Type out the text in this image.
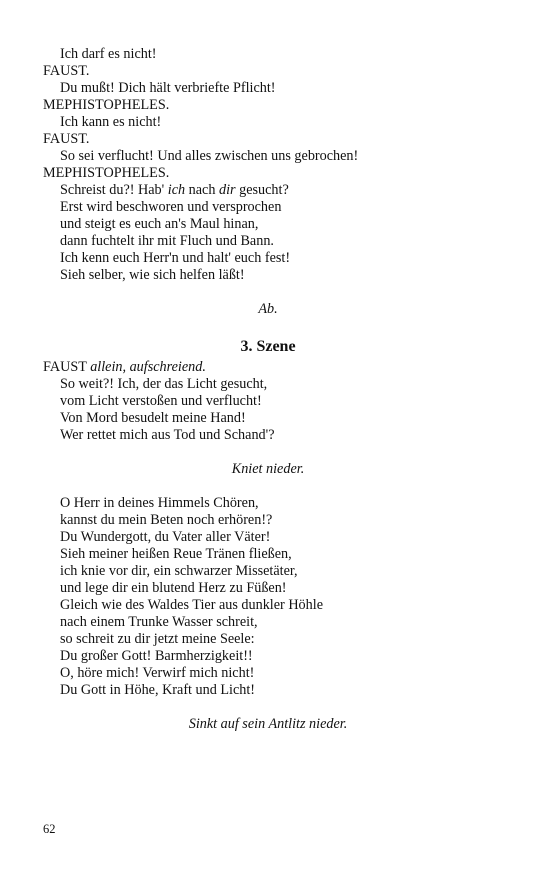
Ich darf es nicht!
FAUST.
Du mußt! Dich hält verbriefte Pflicht!
MEPHISTOPHELES.
Ich kann es nicht!
FAUST.
So sei verflucht! Und alles zwischen uns gebrochen!
MEPHISTOPHELES.
Schreist du?! Hab' ich nach dir gesucht?
Erst wird beschworen und versprochen
und steigt es euch an's Maul hinan,
dann fuchtelt ihr mit Fluch und Bann.
Ich kenn euch Herr'n und halt' euch fest!
Sieh selber, wie sich helfen läßt!
Ab.
3. Szene
FAUST allein, aufschreiend.
So weit?! Ich, der das Licht gesucht,
vom Licht verstoßen und verflucht!
Von Mord besudelt meine Hand!
Wer rettet mich aus Tod und Schand'?
Kniet nieder.
O Herr in deines Himmels Chören,
kannst du mein Beten noch erhören!?
Du Wundergott, du Vater aller Väter!
Sieh meiner heißen Reue Tränen fließen,
ich knie vor dir, ein schwarzer Missetäter,
und lege dir ein blutend Herz zu Füßen!
Gleich wie des Waldes Tier aus dunkler Höhle
nach einem Trunke Wasser schreit,
so schreit zu dir jetzt meine Seele:
Du großer Gott! Barmherzigkeit!!
O, höre mich! Verwirf mich nicht!
Du Gott in Höhe, Kraft und Licht!
Sinkt auf sein Antlitz nieder.
62
